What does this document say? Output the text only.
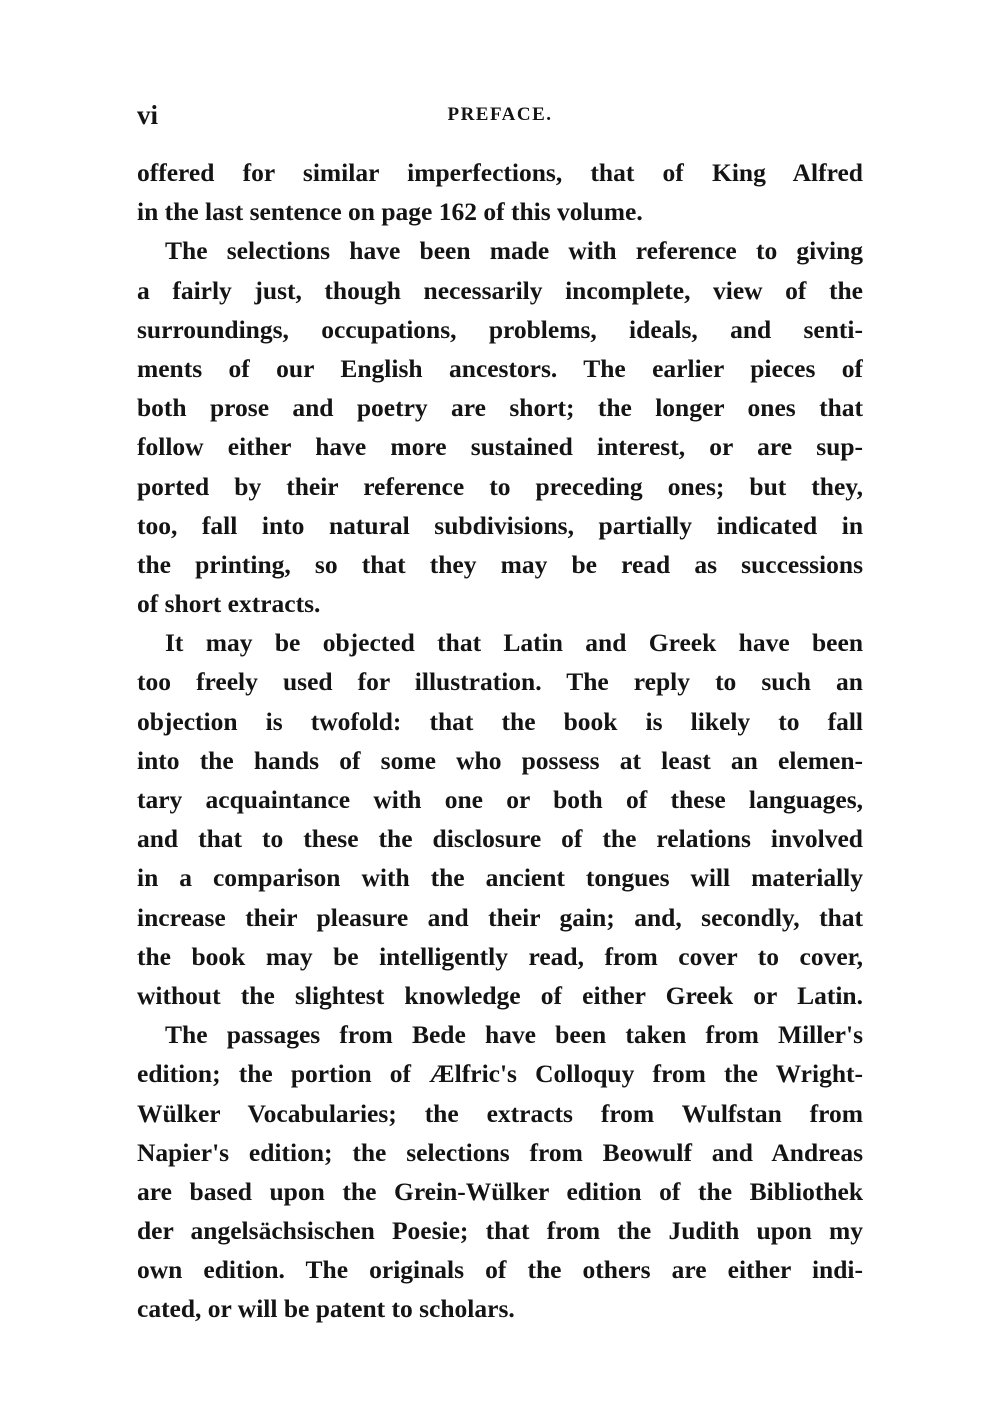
vi	PREFACE.
offered for similar imperfections, that of King Alfred
in the last sentence on page 162 of this volume.
The selections have been made with reference to giving
a fairly just, though necessarily incomplete, view of the
surroundings, occupations, problems, ideals, and senti-
ments of our English ancestors. The earlier pieces of
both prose and poetry are short; the longer ones that
follow either have more sustained interest, or are sup-
ported by their reference to preceding ones; but they,
too, fall into natural subdivisions, partially indicated in
the printing, so that they may be read as successions
of short extracts.
It may be objected that Latin and Greek have been
too freely used for illustration. The reply to such an
objection is twofold: that the book is likely to fall
into the hands of some who possess at least an elemen-
tary acquaintance with one or both of these languages,
and that to these the disclosure of the relations involved
in a comparison with the ancient tongues will materially
increase their pleasure and their gain; and, secondly, that
the book may be intelligently read, from cover to cover,
without the slightest knowledge of either Greek or Latin.
The passages from Bede have been taken from Miller's
edition; the portion of Ælfric's Colloquy from the Wright-
Wülker Vocabularies; the extracts from Wulfstan from
Napier's edition; the selections from Beowulf and Andreas
are based upon the Grein-Wülker edition of the Bibliothek
der angelsächsischen Poesie; that from the Judith upon my
own edition. The originals of the others are either indi-
cated, or will be patent to scholars.
